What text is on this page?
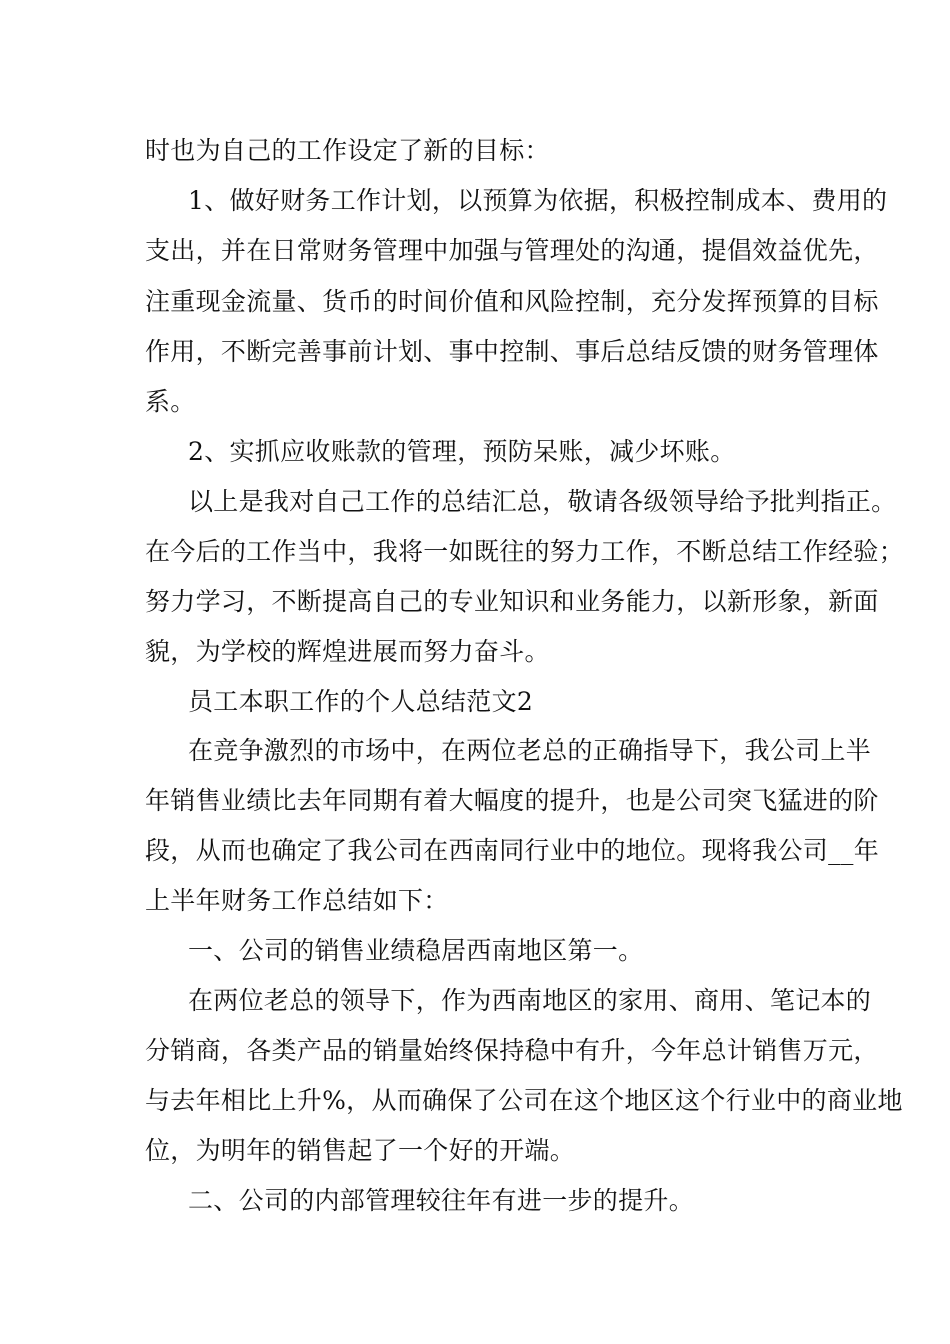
时也为自己的工作设定了新的目标：
1、做好财务工作计划，以预算为依据，积极控制成本、费用的
支出，并在日常财务管理中加强与管理处的沟通，提倡效益优先，
注重现金流量、货币的时间价值和风险控制，充分发挥预算的目标
作用，不断完善事前计划、事中控制、事后总结反馈的财务管理体
系。
2、实抓应收账款的管理，预防呆账，减少坏账。
以上是我对自己工作的总结汇总，敬请各级领导给予批判指正。
在今后的工作当中，我将一如既往的努力工作，不断总结工作经验；
努力学习，不断提高自己的专业知识和业务能力，以新形象，新面
貌，为学校的辉煌进展而努力奋斗。
员工本职工作的个人总结范文2
在竞争激烈的市场中，在两位老总的正确指导下，我公司上半
年销售业绩比去年同期有着大幅度的提升，也是公司突飞猛进的阶
段，从而也确定了我公司在西南同行业中的地位。现将我公司__年
上半年财务工作总结如下：
一、公司的销售业绩稳居西南地区第一。
在两位老总的领导下，作为西南地区的家用、商用、笔记本的
分销商，各类产品的销量始终保持稳中有升，今年总计销售万元，
与去年相比上升%，从而确保了公司在这个地区这个行业中的商业地
位，为明年的销售起了一个好的开端。
二、公司的内部管理较往年有进一步的提升。
